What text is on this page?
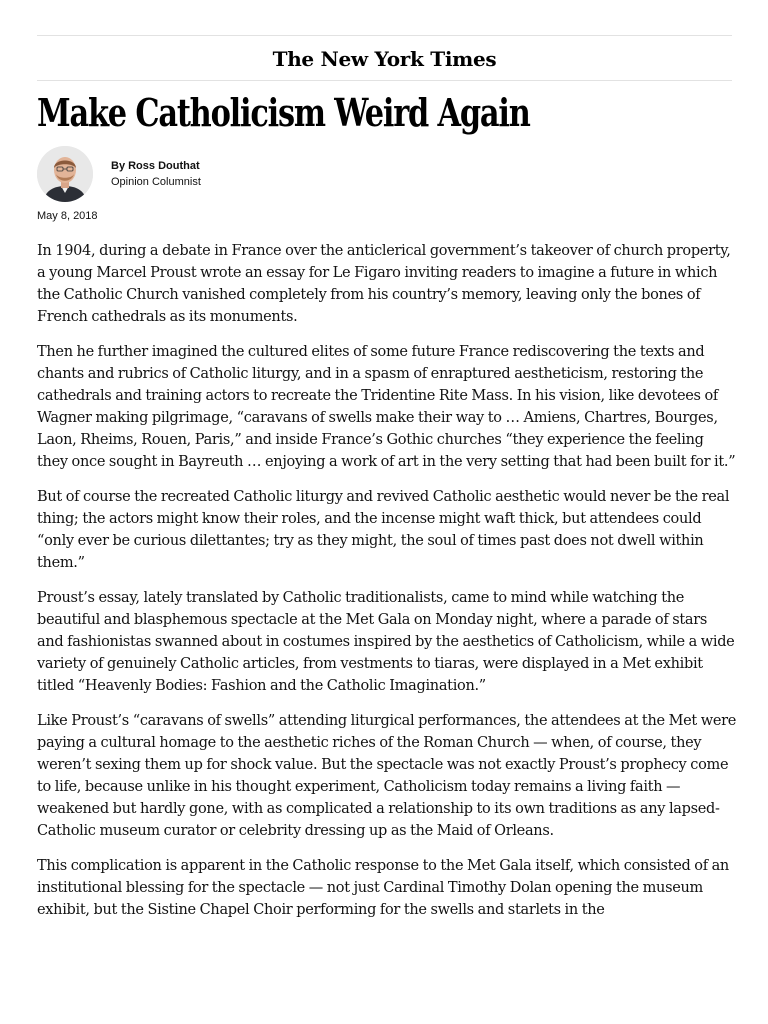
The New York Times
Make Catholicism Weird Again
By Ross Douthat
Opinion Columnist
May 8, 2018

In 1904, during a debate in France over the anticlerical government’s takeover of church property, a young Marcel Proust wrote an essay for Le Figaro inviting readers to imagine a future in which the Catholic Church vanished completely from his country’s memory, leaving only the bones of French cathedrals as its monuments.

Then he further imagined the cultured elites of some future France rediscovering the texts and chants and rubrics of Catholic liturgy, and in a spasm of enraptured aestheticism, restoring the cathedrals and training actors to recreate the Tridentine Rite Mass. In his vision, like devotees of Wagner making pilgrimage, “caravans of swells make their way to … Amiens, Chartres, Bourges, Laon, Rheims, Rouen, Paris,” and inside France’s Gothic churches “they experience the feeling they once sought in Bayreuth … enjoying a work of art in the very setting that had been built for it.”

But of course the recreated Catholic liturgy and revived Catholic aesthetic would never be the real thing; the actors might know their roles, and the incense might waft thick, but attendees could “only ever be curious dilettantes; try as they might, the soul of times past does not dwell within them.”

Proust’s essay, lately translated by Catholic traditionalists, came to mind while watching the beautiful and blasphemous spectacle at the Met Gala on Monday night, where a parade of stars and fashionistas swanned about in costumes inspired by the aesthetics of Catholicism, while a wide variety of genuinely Catholic articles, from vestments to tiaras, were displayed in a Met exhibit titled “Heavenly Bodies: Fashion and the Catholic Imagination.”

Like Proust’s “caravans of swells” attending liturgical performances, the attendees at the Met were paying a cultural homage to the aesthetic riches of the Roman Church — when, of course, they weren’t sexing them up for shock value. But the spectacle was not exactly Proust’s prophecy come to life, because unlike in his thought experiment, Catholicism today remains a living faith — weakened but hardly gone, with as complicated a relationship to its own traditions as any lapsed-Catholic museum curator or celebrity dressing up as the Maid of Orleans.

This complication is apparent in the Catholic response to the Met Gala itself, which consisted of an institutional blessing for the spectacle — not just Cardinal Timothy Dolan opening the museum exhibit, but the Sistine Chapel Choir performing for the swells and starlets in the
